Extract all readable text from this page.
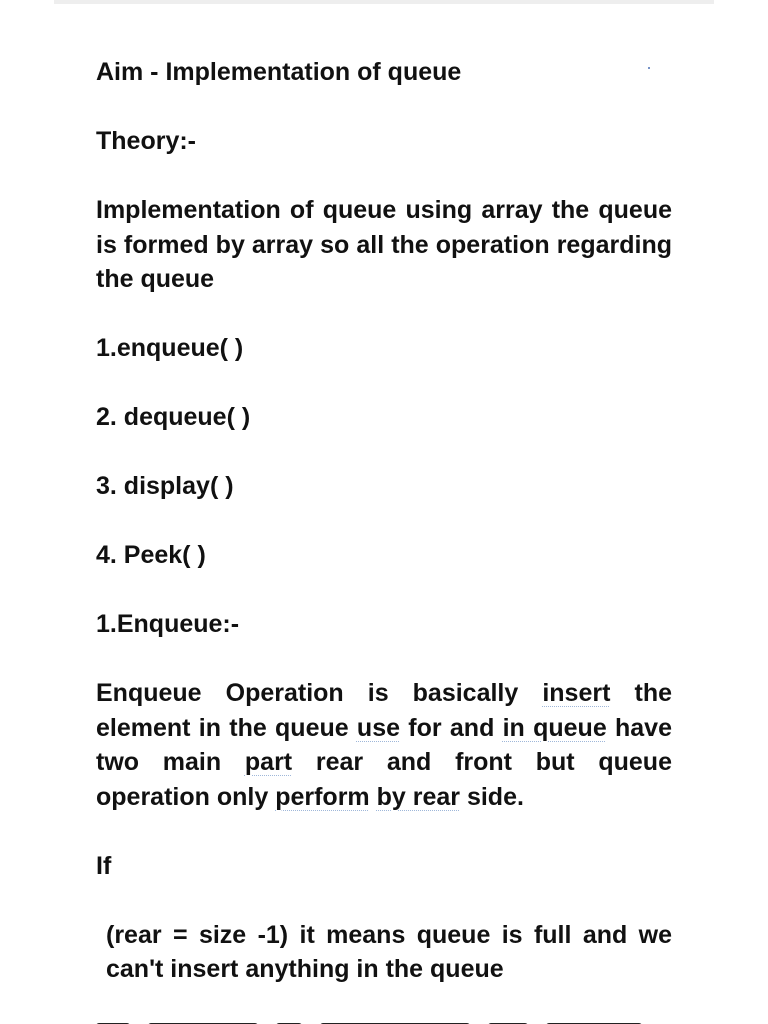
Aim - Implementation of queue
Theory:-
Implementation of queue using array the queue is formed by array so all the operation regarding the queue
1.enqueue( )
2. dequeue( )
3. display( )
4. Peek( )
1.Enqueue:-
Enqueue Operation is basically insert the element in the queue use for and in queue have two main part rear and front but queue operation only perform by rear side.
If
(rear = size -1) it means queue is full and we can't insert anything in the queue
